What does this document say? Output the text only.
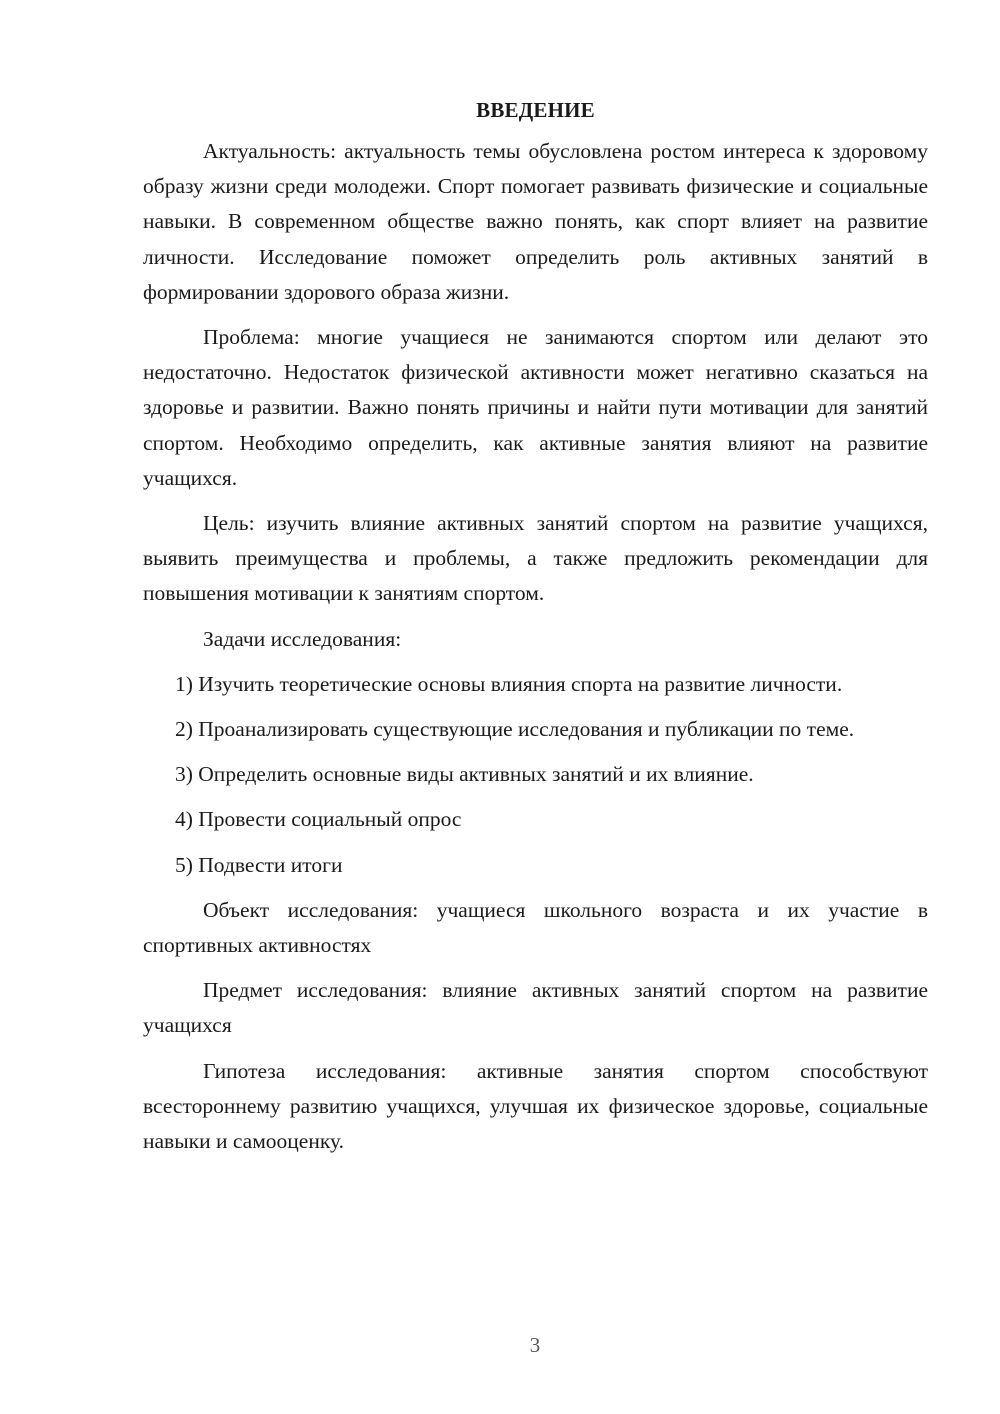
ВВЕДЕНИЕ

Актуальность: актуальность темы обусловлена ростом интереса к здоровому образу жизни среди молодежи. Спорт помогает развивать физические и социальные навыки. В современном обществе важно понять, как спорт влияет на развитие личности. Исследование поможет определить роль активных занятий в формировании здорового образа жизни.

Проблема: многие учащиеся не занимаются спортом или делают это недостаточно. Недостаток физической активности может негативно сказаться на здоровье и развитии. Важно понять причины и найти пути мотивации для занятий спортом. Необходимо определить, как активные занятия влияют на развитие учащихся.

Цель: изучить влияние активных занятий спортом на развитие учащихся, выявить преимущества и проблемы, а также предложить рекомендации для повышения мотивации к занятиям спортом.

Задачи исследования:

1) Изучить теоретические основы влияния спорта на развитие личности.

2) Проанализировать существующие исследования и публикации по теме.

3) Определить основные виды активных занятий и их влияние.

4) Провести социальный опрос

5) Подвести итоги

Объект исследования: учащиеся школьного возраста и их участие в спортивных активностях

Предмет исследования: влияние активных занятий спортом на развитие учащихся

Гипотеза исследования: активные занятия спортом способствуют всестороннему развитию учащихся, улучшая их физическое здоровье, социальные навыки и самооценку.

3
